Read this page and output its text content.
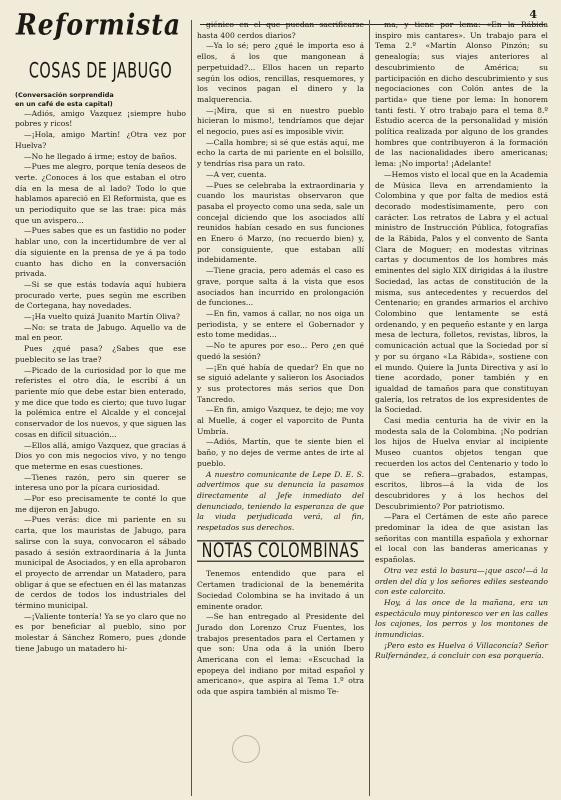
Reformista	4
COSAS DE JABUGO

(Conversación sorprendida

en un café de esta capital)

—Adiós, amigo Vazquez ¡siempre hubo pobres y ricos!

—¡Hola, amigo Martín! ¿Otra vez por Huelva?

—No he llegado á irme; estoy de baños.

—Pues me alegro, porque tenía deseos de verte. ¿Conoces á los que estaban el otro día en la mesa de al lado? Todo lo que hablamos apareció en El Reformista, que es un periodiquito que se las trae: pica más que un avispero...

—Pues sabes que es un fastidio no poder hablar uno, con la incertidumbre de ver al día siguiente en la prensa de ye á pa todo cuanto has dicho en la conversación privada.

—Si se que estás todavía aquí hubiera procurado verte, pues según me escriben de Cortegana, hay novedades.

—¡Ha vuelto quizá Juanito Martín Oliva?

—No: se trata de Jabugo. Aquello va de mal en peor.

Pues ¿qué pasa? ¿Sabes que ese pueblecito se las trae?

—Picado de la curiosidad por lo que me referistes el otro día, le escribí á un pariente mío que debe estar bien enterado, y me dice que todo es cierto; que tuvo lugar la polémica entre el Alcalde y el concejal conservador de los nuevos, y que siguen las cosas en difícil situación...

—Ellos allá, amigo Vazquez, que gracias á Dios yo con mis negocios vivo, y no tengo que meterme en esas cuestiones.

—Tienes razón, pero sin querer se interesa uno por la pícara curiosidad.

—Por eso precisamente te conté lo que me dijeron en Jabugo.

—Pues verás: dice mi pariente en su carta, que los mauristas de Jabugo, para salirse con la suya, convocaron el sábado pasado á sesión extraordinaria á la Junta municipal de Asociados, y en ella aprobaron el proyecto de arrendar un Matadero, para obligar á que se efectuen en él las matanzas de cerdos de todos los industriales del término municipal.

—¡Valiente tontería! Ya se yo claro que no es por beneficiar al pueblo, sino por molestar á Sánchez Romero, pues ¿donde tiene Jabugo un matadero hi-

giénico en el que puedan sacrificarse hasta 400 cerdos diarios?

—Ya lo sé; pero ¿qué le importa eso á ellos, á los que mangonean á perpetuidad?... Ellos hacen un reparto según los odios, rencillas, resquemores, y los vecinos pagan el dinero y la malquerencia.

—¡Mira, que si en nuestro pueblo hicieran lo mismo!, tendríamos que dejar el negocio, pues así es imposible vivir.

—Calla hombre; si sé que estás aquí, me echo la carta de mi pariente en el bolsillo, y tendrías risa para un rato.

—A ver, cuenta.

—Pues se celebraba la extraordinaria y cuando los mauristas observaron que pasaba el proyecto como una seda, sale un concejal diciendo que los asociados allí reunidos habían cesado en sus funciones en Enero ó Marzo, (no recuerdo bien) y, por consiguiente, que estaban allí indebidamente.

—Tiene gracia, pero además el caso es grave, porque salta á la vista que esos asociados han incurrido en prolongación de funciones...

—En fin, vamos á callar, no nos oiga un periodista, y se entere el Gobernador y esto tome medidas...

—No te apures por eso... Pero ¿en qué quedó la sesión?

—¡En qué había de quedar? En que no se siguió adelante y salieron los Asociados y sus protectores más serios que Don Tancredo.

—En fin, amigo Vazquez, te dejo; me voy al Muelle, á coger el vaporcito de Punta Umbría.

—Adiós, Martín, que te siente bien el baño, y no dejes de verme antes de irte al pueblo.

A nuestro comunicante de Lepe D. E. S. advertimos que su denuncia la pasamos directamente al Jefe inmediato del denunciado, teniendo la esperanza de que la viuda perjudicada verá, al fin, respetados sus derechos.

NOTAS COLOMBINAS

Tenemos entendido que para el Certamen tradicional de la benemérita Sociedad Colombina se ha invitado á un eminente orador.

—Se han entregado al Presidente del Jurado don Lorenzo Cruz Fuentes, los trabajos presentados para el Certamen y que son: Una oda á la unión Ibero Americana con el lema: «Escuchad la epopeya del indiano por mitad español y americano», que aspira al Tema 1.º otra oda que aspira también al mismo Te-

ma, y tiene por lema: «En la Rábida inspiro mis cantares». Un trabajo para el Tema 2.º «Martín Alonso Pinzón; su genealogía; sus viajes anteriores al descubrimiento de América; su participación en dicho descubrimiento y sus negociaciones con Colón antes de la partida» que tiene por lema: In honorem tanti festi. Y otro trabajo para el tema 8.º Estudio acerca de la personalidad y misión política realizada por alguno de los grandes hombres que contribuyeron á la formación de las nacionalidades ibero americanas; lema: ¡No importa! ¡Adelante!

—Hemos visto el local que en la Academia de Música lleva en arrendamiento la Colombina y que por falta de medios está decorado modestísimamente, pero con carácter. Los retratos de Labra y el actual ministro de Instrucción Pública, fotografías de la Rábida, Palos y el convento de Santa Clara de Moguer; en modestas vitrinas cartas y documentos de los hombres más eminentes del siglo XIX dirigidas á la ilustre Sociedad, las actas de constitución de la misma, sus antecedentes y recuerdos del Centenario; en grandes armarios el archivo Colombino que lentamente se está ordenando, y en pequeño estante y en larga mesa de lectura, folletos, revistas, libros, la comunicación actual que la Sociedad por sí y por su órgano «La Rábida», sostiene con el mundo. Quiere la Junta Directiva y así lo tiene acordado, poner también y en igualdad de tamaños para que constituyan galería, los retratos de los expresidentes de la Sociedad.

Casi media centuria ha de vivir en la modesta sala de la Colombina. ¡No podrían los hijos de Huelva enviar al incipiente Museo cuantos objetos tengan que recuerden los actos del Centenario y todo lo que se refiera—grabados, estampas, escritos, libros—á la vida de los descubridores y á los hechos del Descubrimiento? Por patriotismo.

—Para el Certámen de este año parece predominar la idea de que asistan las señoritas con mantilla española y exhornar el local con las banderas americanas y españolas.

Otra vez está lo basura—¡que asco!—á la orden del día y los señores ediles sesteando con este calorcito.

Hoy, á las once de la mañana, era un espectáculo muy pintoresco ver en las calles los cajones, los perros y los montones de inmundicias.

¡Pero esto es Huelva ó Villaconcía? Señor Rulfernández, á concluir con esa porquería.
